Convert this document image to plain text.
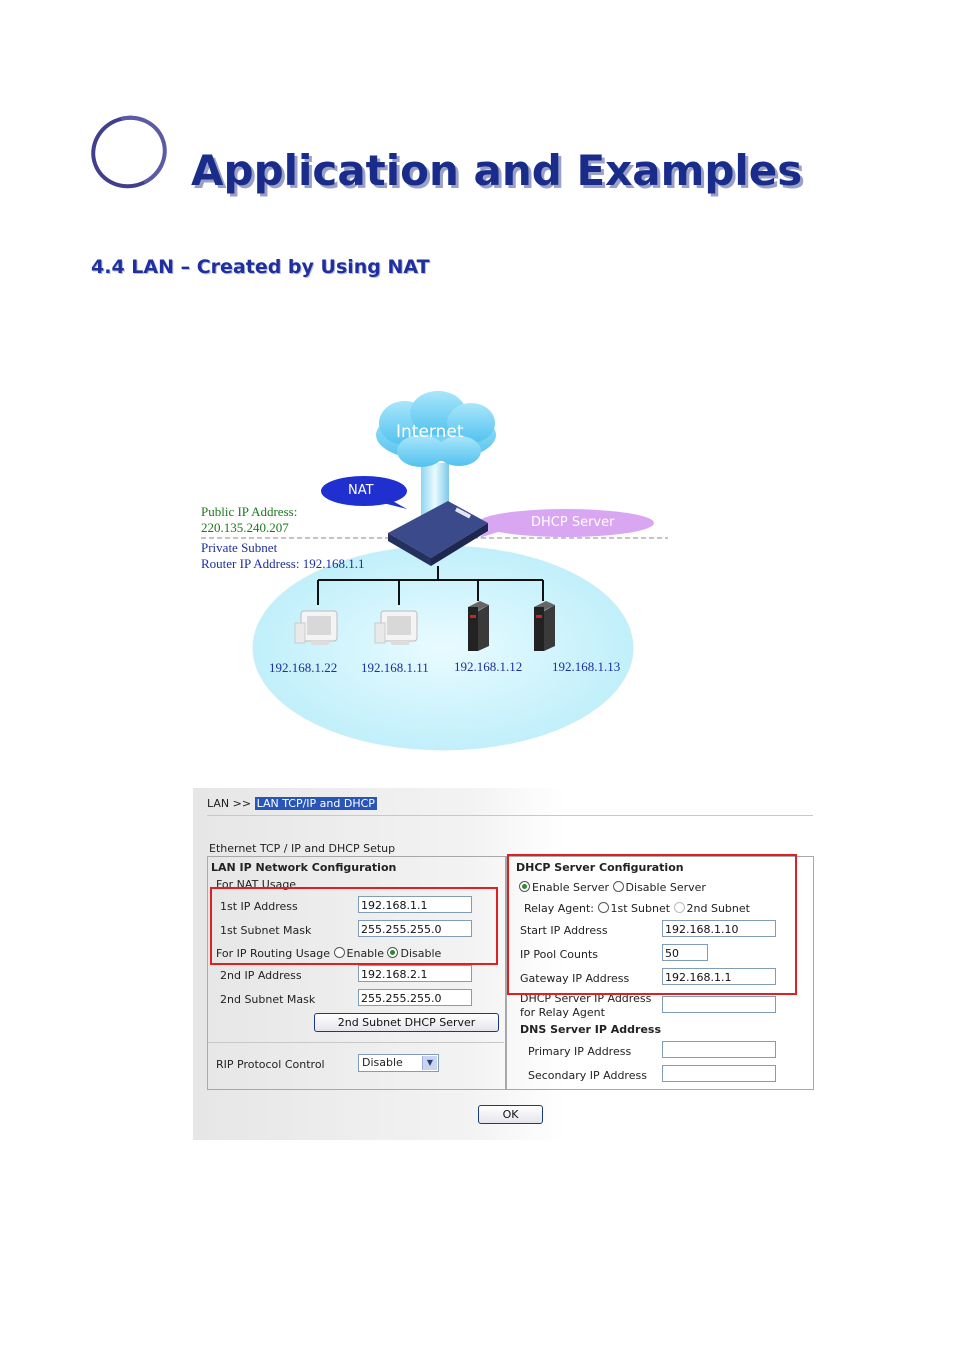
Application and Examples
4.4 LAN – Created by Using NAT
Internet
NAT
DHCP Server
Public IP Address:
220.135.240.207
Private Subnet
Router IP Address: 192.168.1.1
192.168.1.22 192.168.1.11 192.168.1.12 192.168.1.13
LAN >> LAN TCP/IP and DHCP
Ethernet TCP / IP and DHCP Setup
LAN IP Network Configuration
For NAT Usage
1st IP Address	192.168.1.1
1st Subnet Mask	255.255.255.0
For IP Routing Usage Enable Disable
2nd IP Address	192.168.2.1
2nd Subnet Mask	255.255.255.0
2nd Subnet DHCP Server
RIP Protocol Control	Disable	▼
DHCP Server Configuration
Enable Server Disable Server
Relay Agent: 1st Subnet 2nd Subnet
Start IP Address	192.168.1.10
IP Pool Counts	50
Gateway IP Address	192.168.1.1
DHCP Server IP Address
for Relay Agent
DNS Server IP Address
Primary IP Address
Secondary IP Address
OK
